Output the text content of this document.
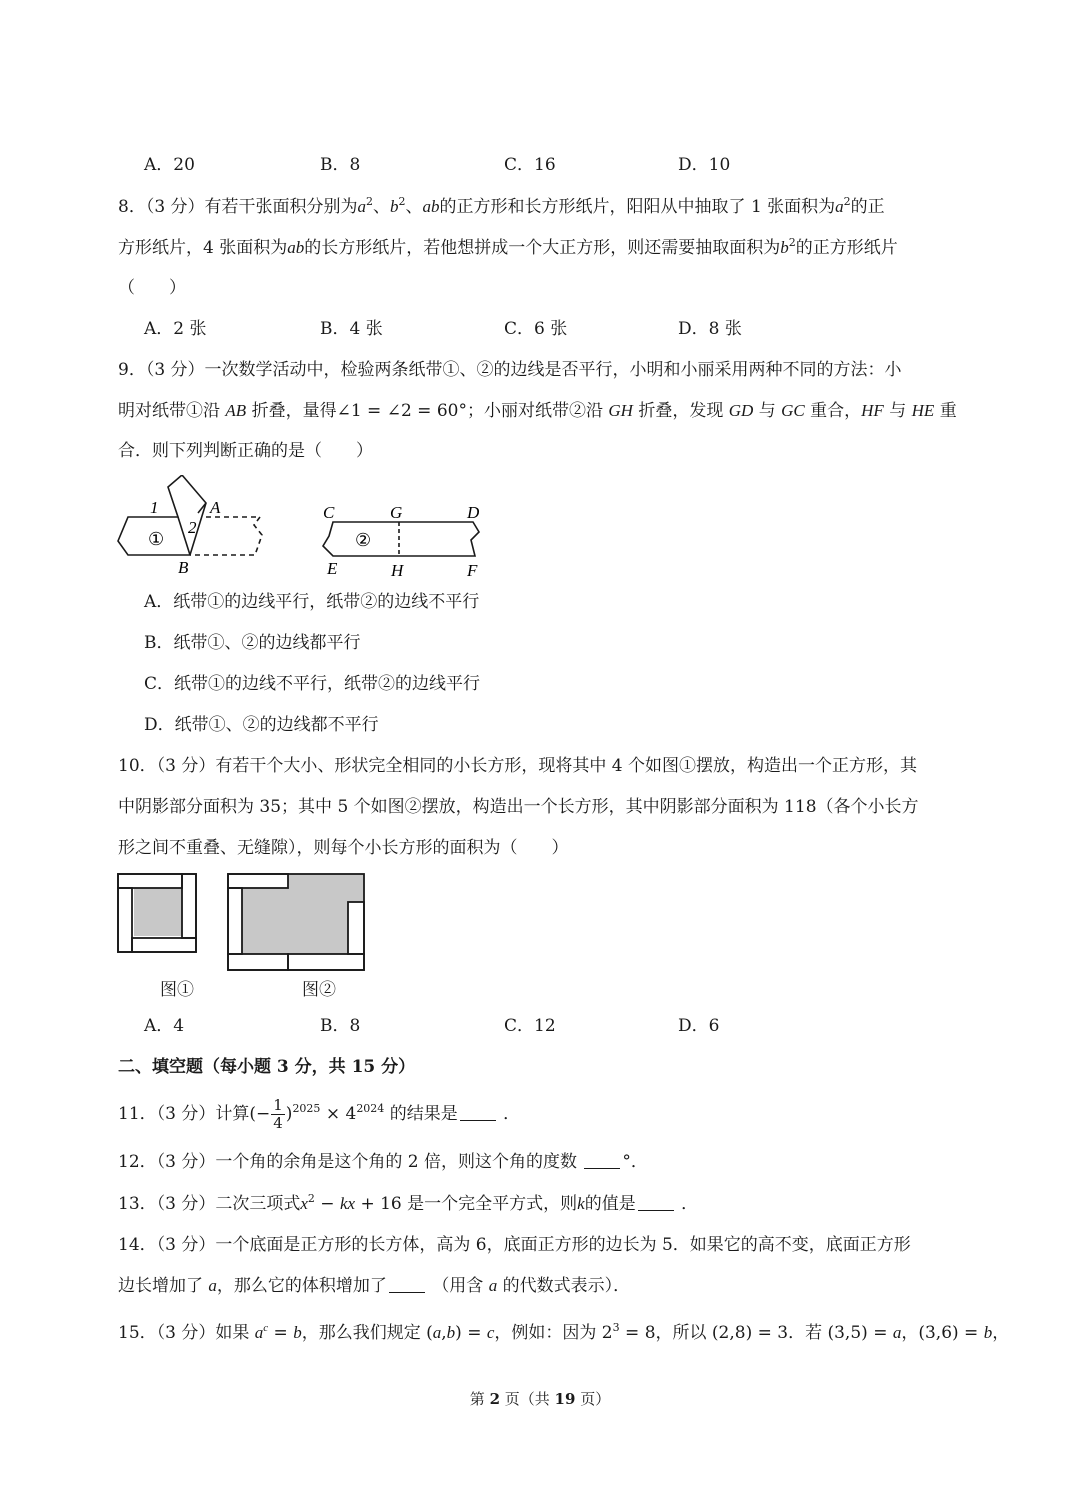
A．20	B．8	C．16	D．10
8．（3 分）有若干张面积分别为$a^2$、$b^2$、ab的正方形和长方形纸片，阳阳从中抽取了 1 张面积为$a^2$的正
方形纸片，4 张面积为ab的长方形纸片，若他想拼成一个大正方形，则还需要抽取面积为$b^2$的正方形纸片
（　　）
A．2 张	B．4 张	C．6 张	D．8 张
9．（3 分）一次数学活动中，检验两条纸带①、②的边线是否平行，小明和小丽采用两种不同的方法：小
明对纸带①沿 AB 折叠，量得∠1 = ∠2 = 60°；小丽对纸带②沿 GH 折叠，发现 GD 与 GC 重合，HF 与 HE 重
合．则下列判断正确的是（　　）
1
2
A
B
①
C	G	D
E	H	F
②
A．纸带①的边线平行，纸带②的边线不平行
B．纸带①、②的边线都平行
C．纸带①的边线不平行，纸带②的边线平行
D．纸带①、②的边线都不平行
10．（3 分）有若干个大小、形状完全相同的小长方形，现将其中 4 个如图①摆放，构造出一个正方形，其
中阴影部分面积为 35；其中 5 个如图②摆放，构造出一个长方形，其中阴影部分面积为 118（各个小长方
形之间不重叠、无缝隙），则每个小长方形的面积为（　　）
图①	图②
A．4	B．8	C．12	D．6
二、填空题（每小题 3 分，共 15 分）
11．（3 分）计算(− $\frac{1}{4} )^{2025} \times 4^{2024}$ 的结果是	．
12．（3 分）一个角的余角是这个角的 2 倍，则这个角的度数	°．
13．（3 分）二次三项式$x^2$ − kx + 16 是一个完全平方式，则k的值是	．
14．（3 分）一个底面是正方形的长方体，高为 6，底面正方形的边长为 5．如果它的高不变，底面正方形
边长增加了 a，那么它的体积增加了	（用含 a 的代数式表示）．
15．（3 分）如果 $a^c = b$，那么我们规定 (a,b) = c，例如：因为 $2^3 = 8$，所以 (2,8) = 3．若 (3,5) = a，(3,6) = b，
第 2 页（共 19 页）
